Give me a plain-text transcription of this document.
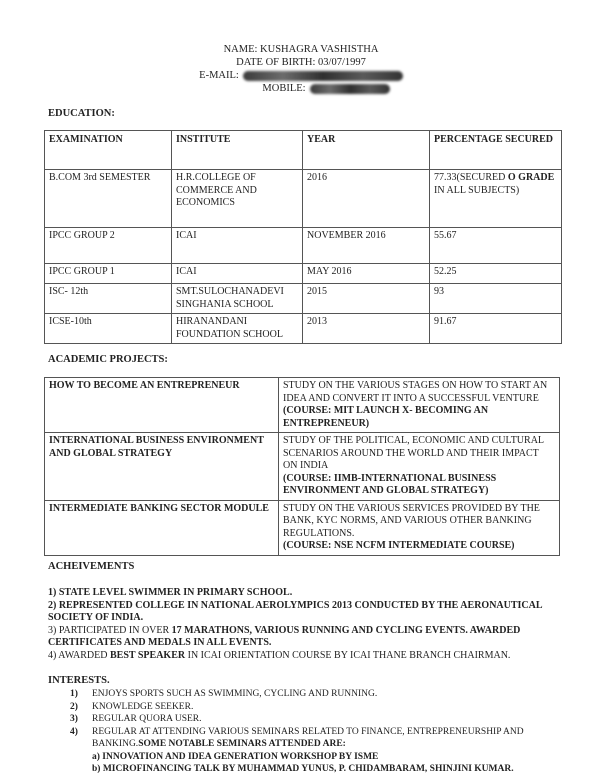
NAME: KUSHAGRA VASHISTHA
DATE OF BIRTH: 03/07/1997
E-MAIL:
MOBILE:
EDUCATION:
EXAMINATION	INSTITUTE	YEAR	PERCENTAGE SECURED
B.COM 3rd SEMESTER	H.R.COLLEGE OF COMMERCE AND ECONOMICS	2016	77.33(SECURED O GRADE IN ALL SUBJECTS)
IPCC GROUP 2	ICAI	NOVEMBER 2016	55.67
IPCC GROUP 1	ICAI	MAY 2016	52.25
ISC- 12th	SMT.SULOCHANADEVI SINGHANIA SCHOOL	2015	93
ICSE-10th	HIRANANDANI FOUNDATION SCHOOL	2013	91.67
ACADEMIC PROJECTS:
HOW TO BECOME AN ENTREPRENEUR	STUDY ON THE VARIOUS STAGES ON HOW TO START AN IDEA AND CONVERT IT INTO A SUCCESSFUL VENTURE
(COURSE: MIT LAUNCH X- BECOMING AN ENTREPRENEUR)
INTERNATIONAL BUSINESS ENVIRONMENT AND GLOBAL STRATEGY	STUDY OF THE POLITICAL, ECONOMIC AND CULTURAL SCENARIOS AROUND THE WORLD AND THEIR IMPACT ON INDIA
(COURSE: IIMB-INTERNATIONAL BUSINESS ENVIRONMENT AND GLOBAL STRATEGY)
INTERMEDIATE BANKING SECTOR MODULE	STUDY ON THE VARIOUS SERVICES PROVIDED BY THE BANK, KYC NORMS, AND VARIOUS OTHER BANKING REGULATIONS.
(COURSE: NSE NCFM INTERMEDIATE COURSE)
ACHEIVEMENTS

1) STATE LEVEL SWIMMER IN PRIMARY SCHOOL.

2) REPRESENTED COLLEGE IN NATIONAL AEROLYMPICS 2013 CONDUCTED BY THE AERONAUTICAL SOCIETY OF INDIA.

3) PARTICIPATED IN OVER 17 MARATHONS, VARIOUS RUNNING AND CYCLING EVENTS. AWARDED CERTIFICATES AND MEDALS IN ALL EVENTS.

4) AWARDED BEST SPEAKER IN ICAI ORIENTATION COURSE BY ICAI THANE BRANCH CHAIRMAN.

INTERESTS.
1)	ENJOYS SPORTS SUCH AS SWIMMING, CYCLING AND RUNNING.
2)	KNOWLEDGE SEEKER.
3)	REGULAR QUORA USER.
4)	REGULAR AT ATTENDING VARIOUS SEMINARS RELATED TO FINANCE, ENTREPRENEURSHIP AND BANKING.SOME NOTABLE SEMINARS ATTENDED ARE:
a) INNOVATION AND IDEA GENERATION WORKSHOP BY ISME
b) MICROFINANCING TALK BY MUHAMMAD YUNUS, P. CHIDAMBARAM, SHINJINI KUMAR.
